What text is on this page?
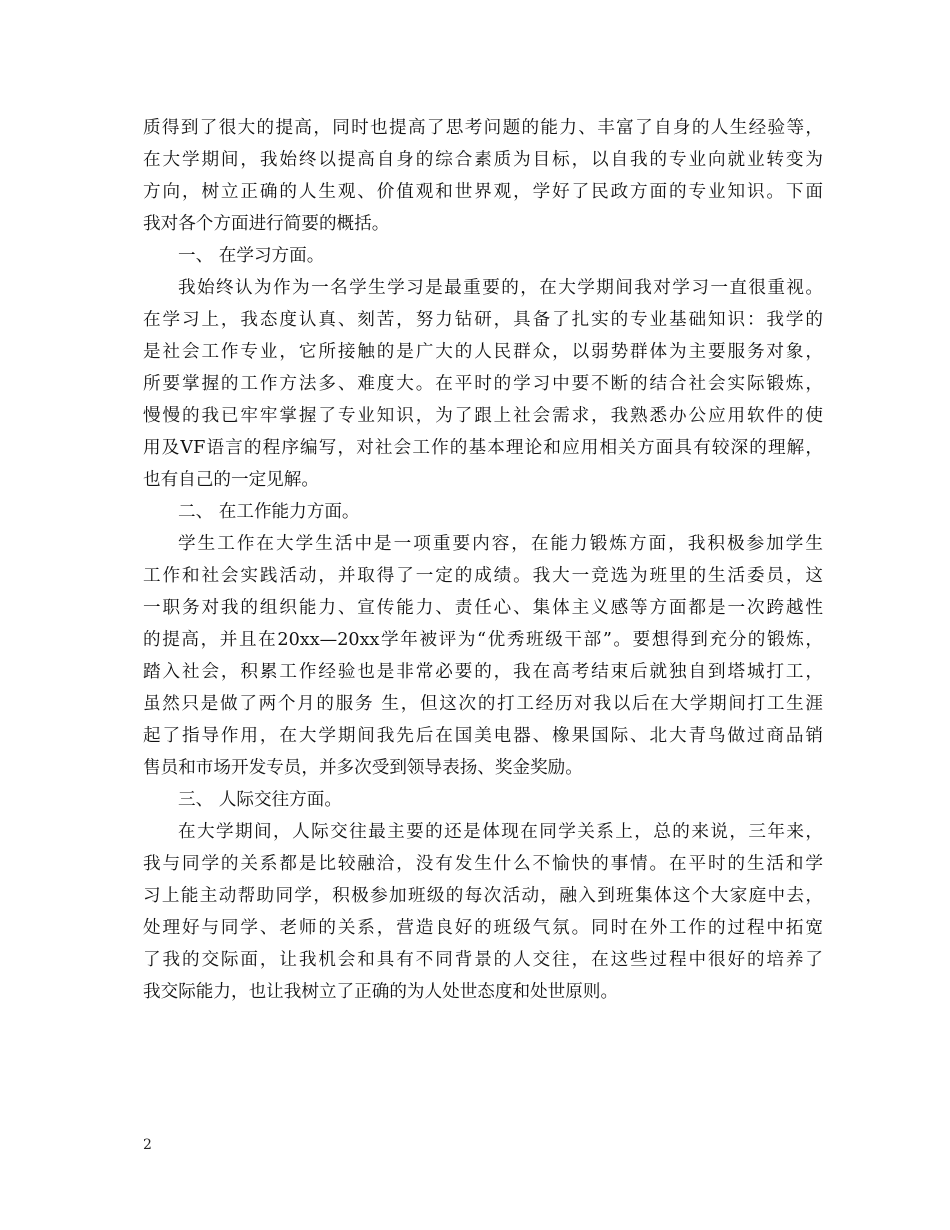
质得到了很大的提高，同时也提高了思考问题的能力、丰富了自身的人生经验等，
在大学期间，我始终以提高自身的综合素质为目标，以自我的专业向就业转变为
方向，树立正确的人生观、价值观和世界观，学好了民政方面的专业知识。下面
我对各个方面进行简要的概括。
一、 在学习方面。
我始终认为作为一名学生学习是最重要的，在大学期间我对学习一直很重视。
在学习上，我态度认真、刻苦，努力钻研，具备了扎实的专业基础知识：我学的
是社会工作专业，它所接触的是广大的人民群众，以弱势群体为主要服务对象，
所要掌握的工作方法多、难度大。在平时的学习中要不断的结合社会实际锻炼，
慢慢的我已牢牢掌握了专业知识，为了跟上社会需求，我熟悉办公应用软件的使
用及VF语言的程序编写，对社会工作的基本理论和应用相关方面具有较深的理解，
也有自己的一定见解。
二、 在工作能力方面。
学生工作在大学生活中是一项重要内容，在能力锻炼方面，我积极参加学生
工作和社会实践活动，并取得了一定的成绩。我大一竞选为班里的生活委员，这
一职务对我的组织能力、宣传能力、责任心、集体主义感等方面都是一次跨越性
的提高，并且在20xx—20xx学年被评为“优秀班级干部”。要想得到充分的锻炼，
踏入社会，积累工作经验也是非常必要的，我在高考结束后就独自到塔城打工，
虽然只是做了两个月的服务 生，但这次的打工经历对我以后在大学期间打工生涯
起了指导作用，在大学期间我先后在国美电器、橡果国际、北大青鸟做过商品销
售员和市场开发专员，并多次受到领导表扬、奖金奖励。
三、 人际交往方面。
在大学期间，人际交往最主要的还是体现在同学关系上，总的来说，三年来，
我与同学的关系都是比较融洽，没有发生什么不愉快的事情。在平时的生活和学
习上能主动帮助同学，积极参加班级的每次活动，融入到班集体这个大家庭中去，
处理好与同学、老师的关系，营造良好的班级气氛。同时在外工作的过程中拓宽
了我的交际面，让我机会和具有不同背景的人交往，在这些过程中很好的培养了
我交际能力，也让我树立了正确的为人处世态度和处世原则。
2
